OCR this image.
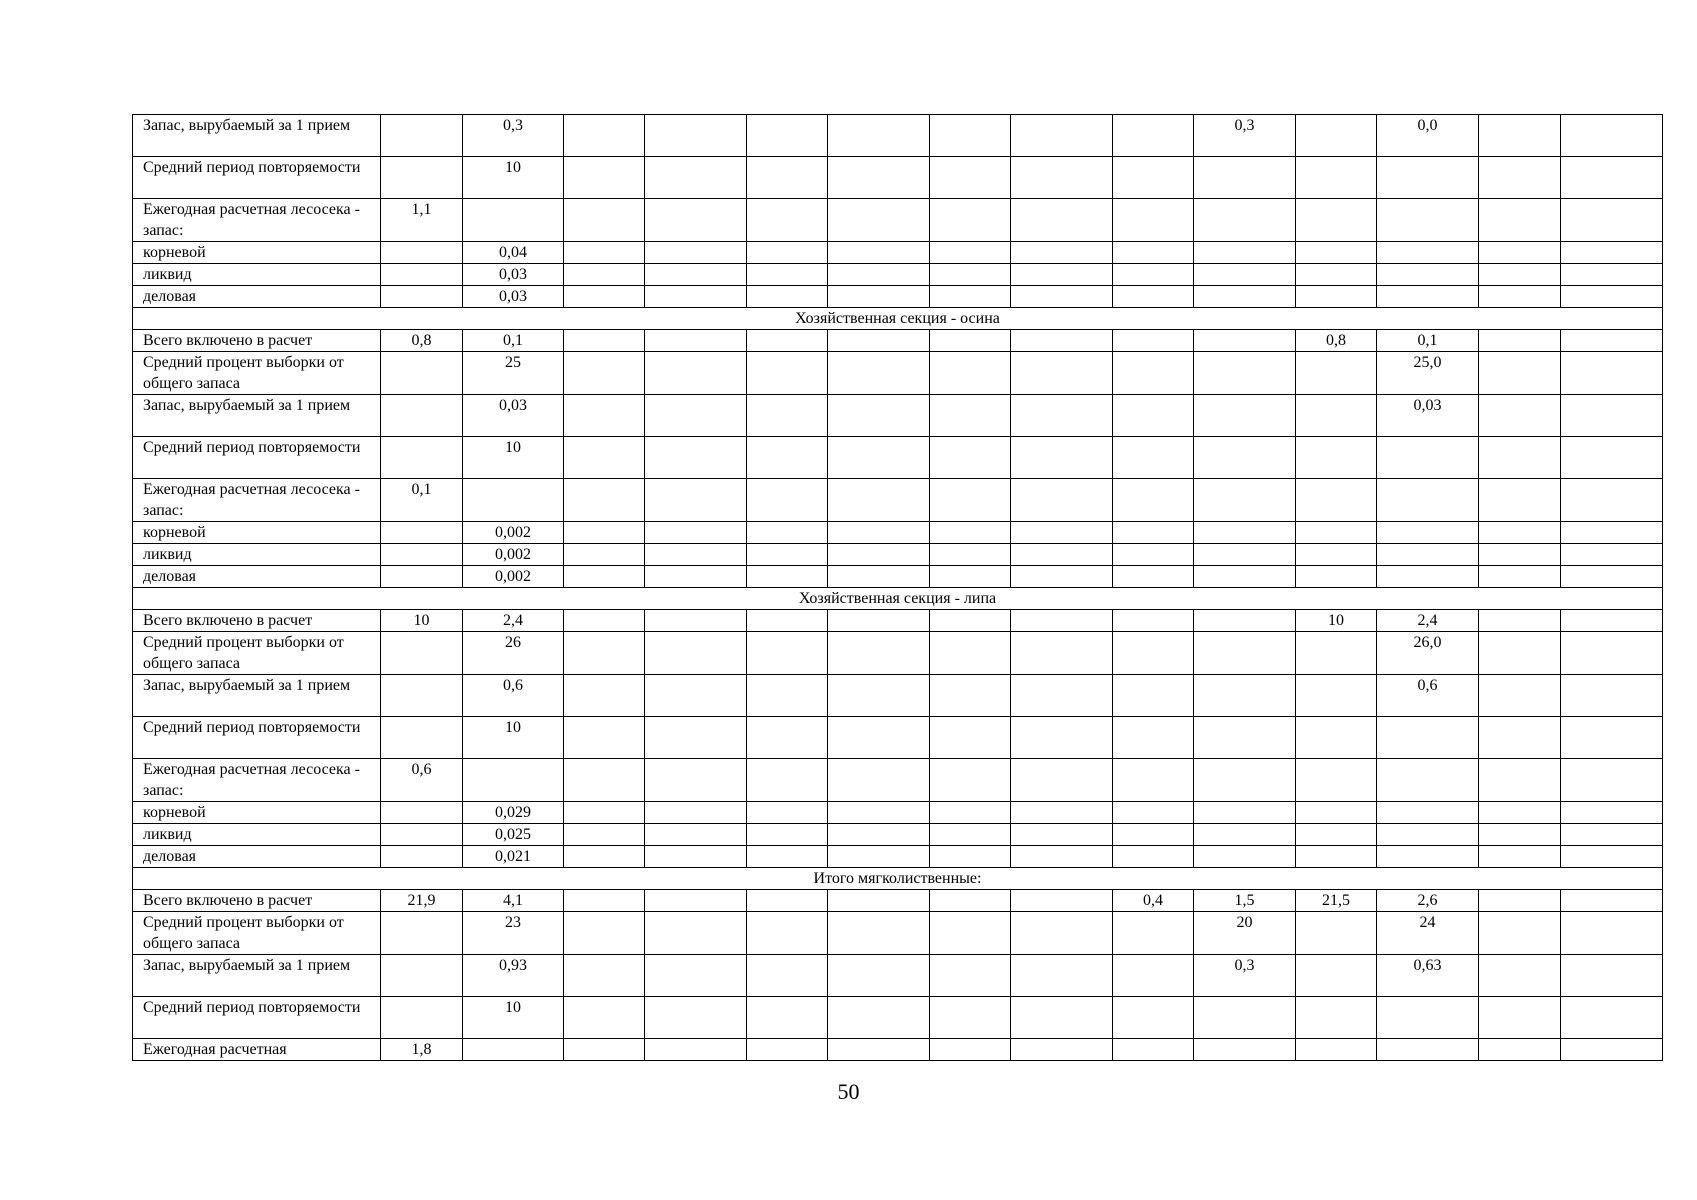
Запас, вырубаемый за 1 прием		0,3								0,3		0,0		
Средний период повторяемости		10												
Ежегодная расчетная лесосека - запас:	1,1													
корневой		0,04												
ликвид		0,03												
деловая		0,03												
Хозяйственная секция - осина														
Всего включено в расчет	0,8	0,1									0,8	0,1		
Средний процент выборки от общего запаса		25										25,0		
Запас, вырубаемый за 1 прием		0,03										0,03		
Средний период повторяемости		10												
Ежегодная расчетная лесосека - запас:	0,1													
корневой		0,002												
ликвид		0,002												
деловая		0,002												
Хозяйственная секция - липа														
Всего включено в расчет	10	2,4									10	2,4		
Средний процент выборки от общего запаса		26										26,0		
Запас, вырубаемый за 1 прием		0,6										0,6		
Средний период повторяемости		10												
Ежегодная расчетная лесосека - запас:	0,6													
корневой		0,029												
ликвид		0,025												
деловая		0,021												
Итого мягколиственные:														
Всего включено в расчет	21,9	4,1							0,4	1,5	21,5	2,6		
Средний процент выборки от общего запаса		23								20		24		
Запас, вырубаемый за 1 прием		0,93								0,3		0,63		
Средний период повторяемости		10												
Ежегодная расчетная	1,8													
50
